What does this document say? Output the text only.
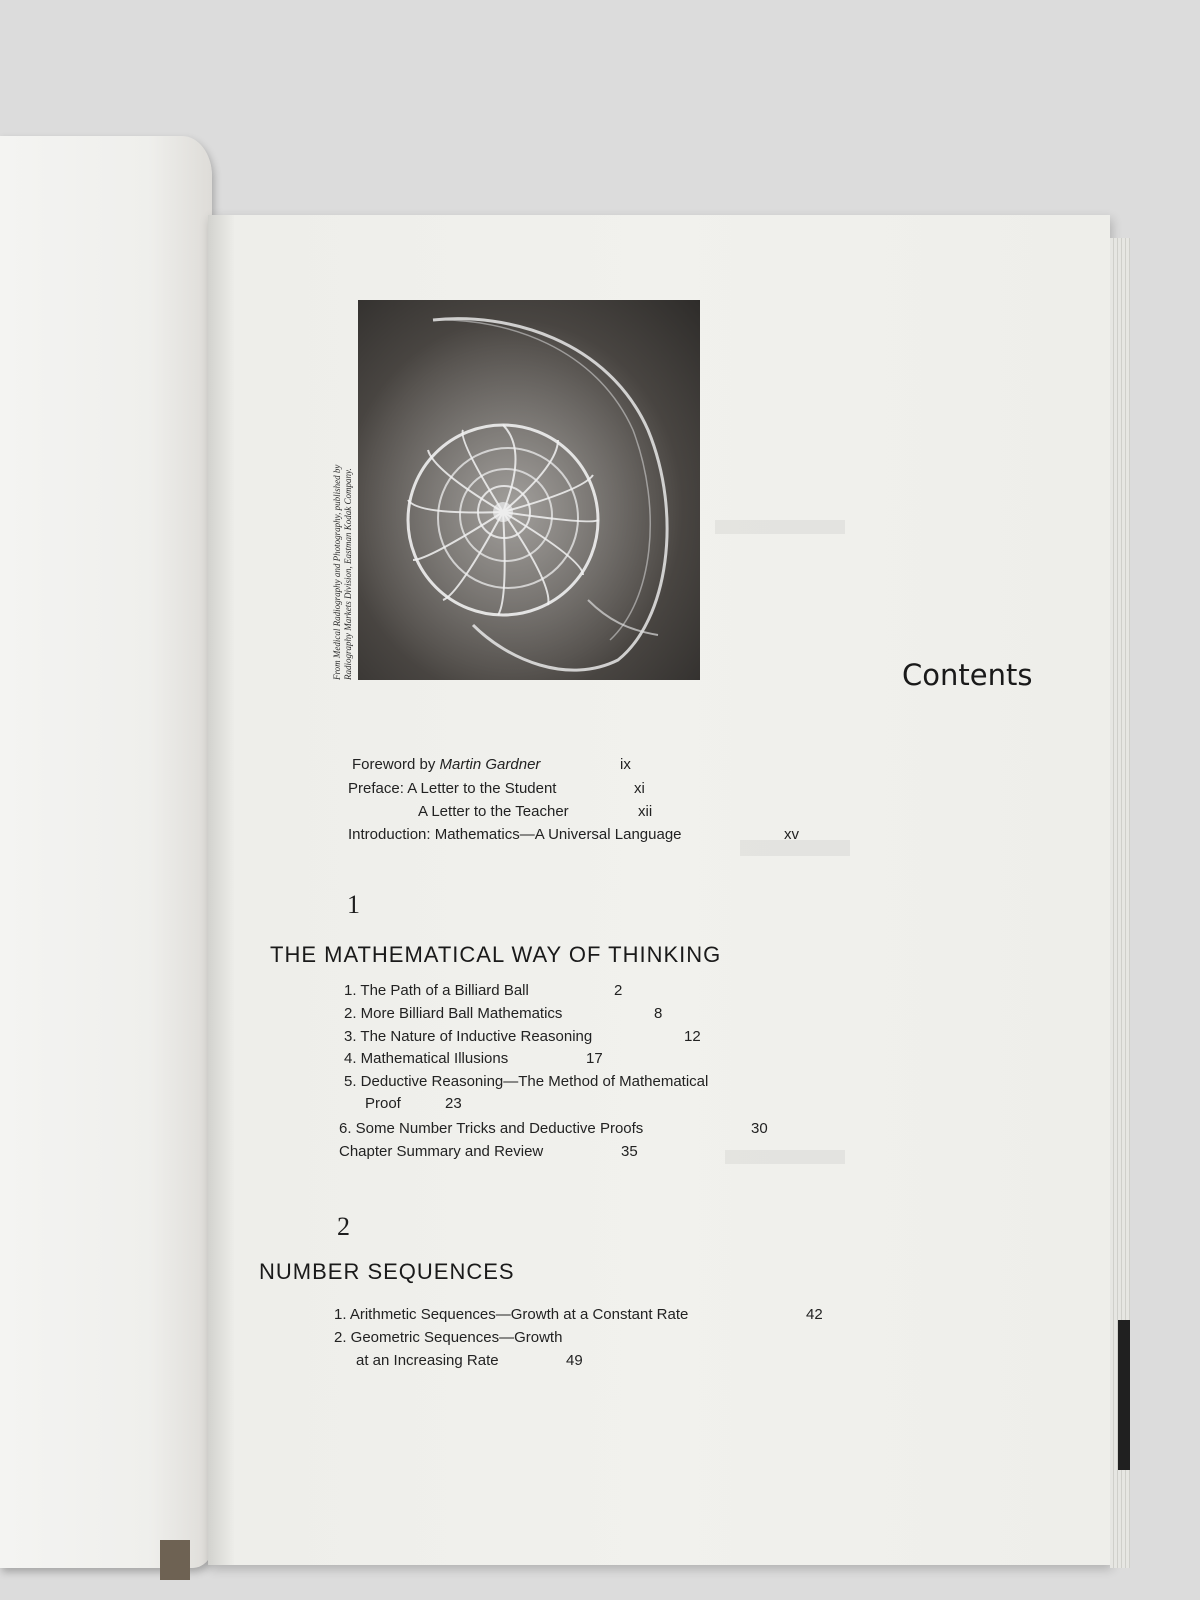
From Medical Radiography and Photography, published by Radiography Markets Division, Eastman Kodak Company.	Contents
Foreword by Martin Gardner	ix
Preface: A Letter to the Student	xi
A Letter to the Teacher	xii
Introduction: Mathematics—A Universal Language	xv
1
THE MATHEMATICAL WAY OF THINKING
1. The Path of a Billiard Ball	2
2. More Billiard Ball Mathematics	8
3. The Nature of Inductive Reasoning	12
4. Mathematical Illusions	17
5. Deductive Reasoning—The Method of Mathematical
Proof	23
6. Some Number Tricks and Deductive Proofs	30
Chapter Summary and Review	35
2
NUMBER SEQUENCES
1. Arithmetic Sequences—Growth at a Constant Rate	42
2. Geometric Sequences—Growth
at an Increasing Rate	49
